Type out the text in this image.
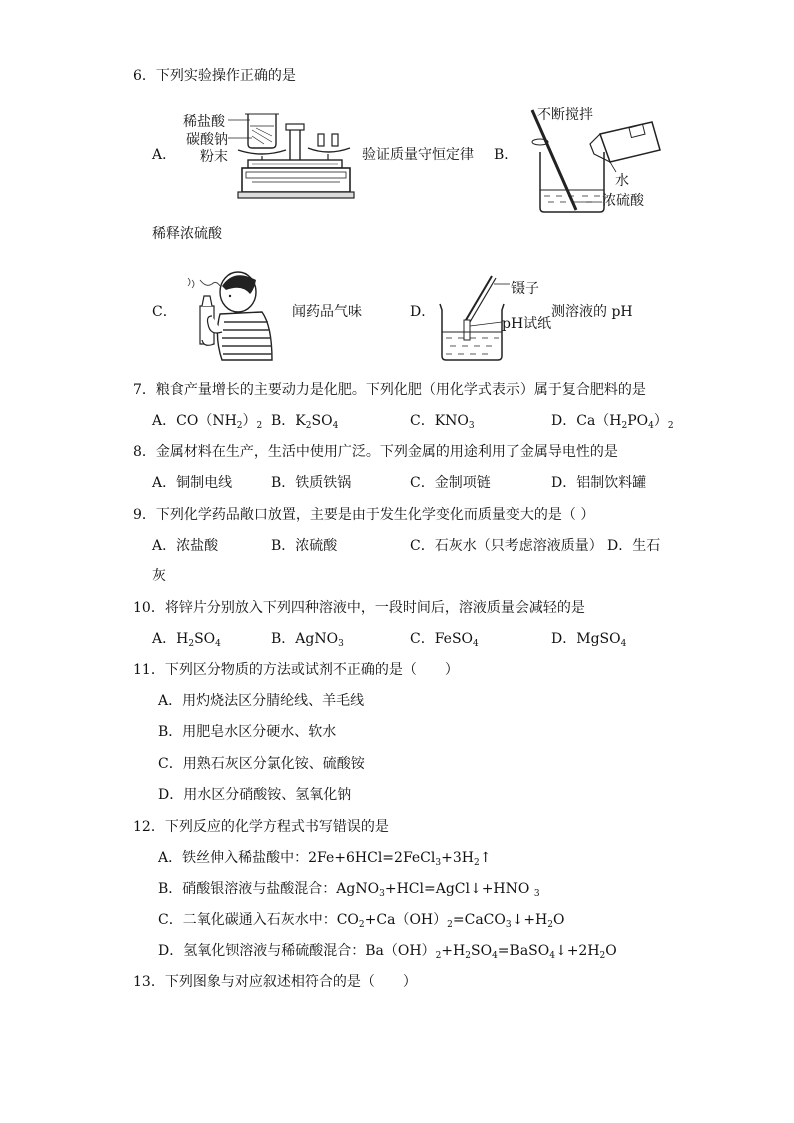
6．下列实验操作正确的是
A．
稀盐酸
碳酸钠
粉末	验证质量守恒定律 B．
不断搅拌
水
浓硫酸
稀释浓硫酸
C．	闻药品气味	D．
镊子
pH试纸
测溶液的 pH
7．粮食产量增长的主要动力是化肥。下列化肥（用化学式表示）属于复合肥料的是
A．$CO(NH_2)_2$ B．$K_2SO_4$	C．$KNO_3$	D．$Ca(H_2PO_4)_2$
8．金属材料在生产，生活中使用广泛。下列金属的用途利用了金属导电性的是
A．铜制电线	B．铁质铁锅	C．金制项链	D．铝制饮料罐
9．下列化学药品敞口放置，主要是由于发生化学变化而质量变大的是（ ）
A．浓盐酸	B．浓硫酸	C．石灰水（只考虑溶液质量） D．生石
灰
10．将锌片分别放入下列四种溶液中，一段时间后，溶液质量会减轻的是
A．$H_2SO_4$	B．AgNO$_3$	C．FeSO$_4$	D．MgSO$_4$
11．下列区分物质的方法或试剂不正确的是（　　）
A．用灼烧法区分腈纶线、羊毛线
B．用肥皂水区分硬水、软水
C．用熟石灰区分氯化铵、硫酸铵
D．用水区分硝酸铵、氢氧化钠
12．下列反应的化学方程式书写错误的是
A．铁丝伸入稀盐酸中：$2Fe+6HCl=2FeCl_3+3H_2↑$
B．硝酸银溶液与盐酸混合：AgNO$_3$+HCl=AgCl↓+HNO $_3$
C．二氧化碳通入石灰水中：$CO_2+Ca(OH)_2=CaCO_3↓+H_2O$
D．氢氧化钡溶液与稀硫酸混合：$Ba(OH)_2+H_2SO_4=BaSO_4↓+2H_2O$
13．下列图象与对应叙述相符合的是（　　）
